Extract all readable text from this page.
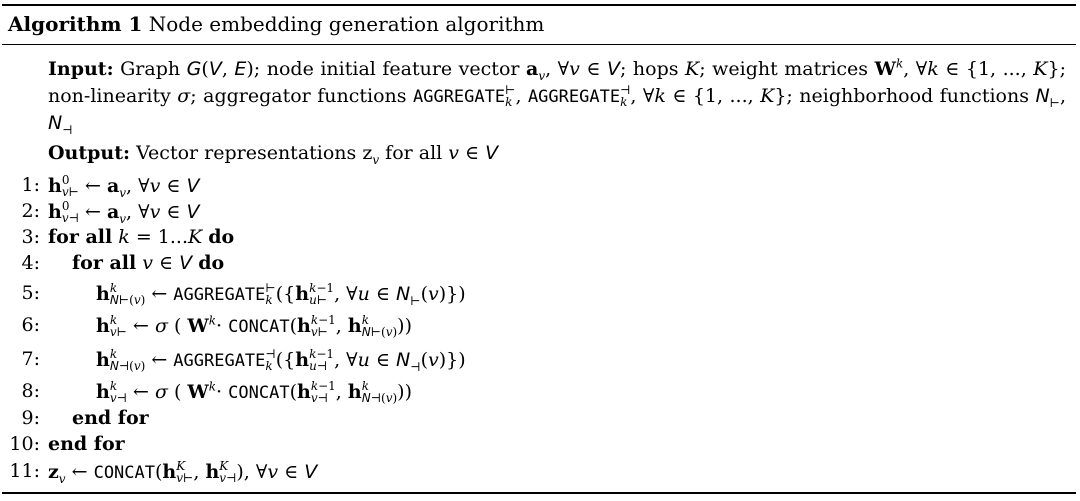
Algorithm 1 Node embedding generation algorithm
Input: Graph G(V, E); node initial feature vector $a_v$, ∀v ∈ V; hops K; weight matrices $W^k$, ∀k ∈ {1, ..., K}; non-linearity σ; aggregator functions AGGREGATE ⊢
k , AGGREGATE ⊣
k , ∀k ∈ {1, ..., K}; neighborhood functions $N_⊢$, $N_⊣$
Output: Vector representations $z_v$ for all v ∈ V
1: h 0
v⊢ ← $a_v$, ∀v ∈ V
2: h 0
v⊣ ← $a_v$, ∀v ∈ V
3: for all k = 1...K do
4: for all v ∈ V do
5:	h k
N⊢(v) ← AGGREGATE ⊢
k ({h k−1
u⊢ , ∀u ∈ $N_⊢(v)$})
6:	h k
v⊢ ← σ ( $W^k\cdot$ CONCAT(h k−1
v⊢ , h k
N⊢(v) ))
7:	h k
N⊣(v) ← AGGREGATE ⊣
k ({h k−1
u⊣ , ∀u ∈ $N_⊣(v)$})
8:	h k
v⊣ ← σ ( $W^k\cdot$ CONCAT(h k−1
v⊣ , h k
N⊣(v) ))
9: end for
10: end for
11: $z_v$ ← CONCAT(h K
v⊢ , h K
v⊣ ), ∀v ∈ V
